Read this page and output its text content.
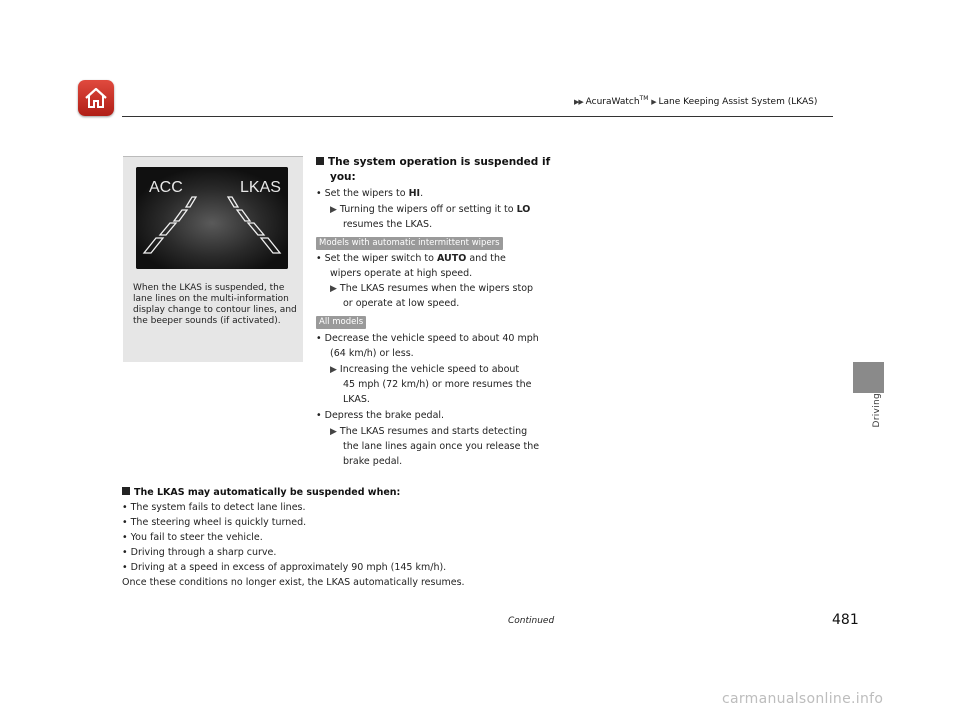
▶▶ AcuraWatch™ ▶ Lane Keeping Assist System (LKAS)
Driving
ACC	LKAS
When the LKAS is suspended, the lane lines on the multi-information display change to contour lines, and the beeper sounds (if activated).
The system operation is suspended if
you:
• Set the wipers to HI.
▶ Turning the wipers off or setting it to LO
resumes the LKAS.
Models with automatic intermittent wipers
• Set the wiper switch to AUTO and the
wipers operate at high speed.
▶ The LKAS resumes when the wipers stop
or operate at low speed.
All models
• Decrease the vehicle speed to about 40 mph
(64 km/h) or less.
▶ Increasing the vehicle speed to about
45 mph (72 km/h) or more resumes the
LKAS.
• Depress the brake pedal.
▶ The LKAS resumes and starts detecting
the lane lines again once you release the
brake pedal.
The LKAS may automatically be suspended when:
• The system fails to detect lane lines.
• The steering wheel is quickly turned.
• You fail to steer the vehicle.
• Driving through a sharp curve.
• Driving at a speed in excess of approximately 90 mph (145 km/h).
Once these conditions no longer exist, the LKAS automatically resumes.
Continued	481
carmanualsonline.info
